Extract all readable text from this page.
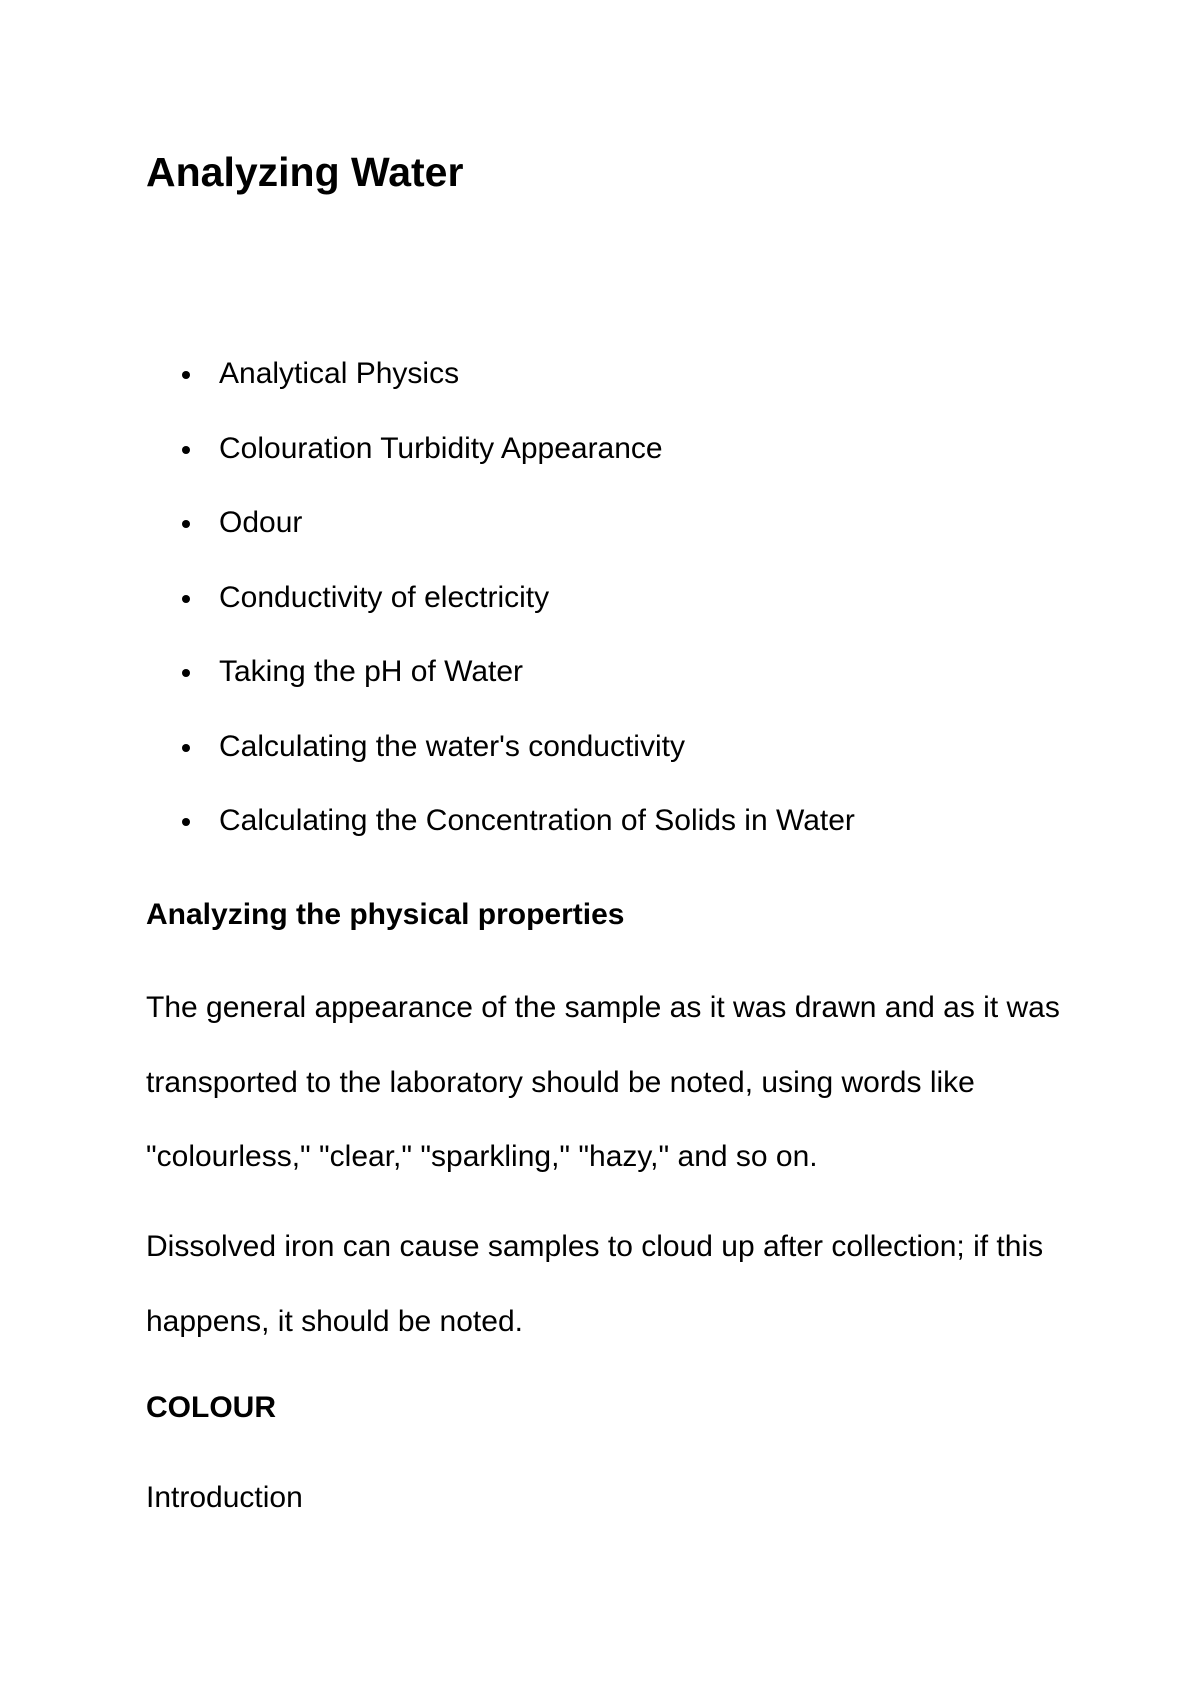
Analyzing Water
Analytical Physics
Colouration Turbidity Appearance
Odour
Conductivity of electricity
Taking the pH of Water
Calculating the water's conductivity
Calculating the Concentration of Solids in Water
Analyzing the physical properties

The general appearance of the sample as it was drawn and as it was transported to the laboratory should be noted, using words like "colourless," "clear," "sparkling," "hazy," and so on.

Dissolved iron can cause samples to cloud up after collection; if this happens, it should be noted.

COLOUR

Introduction
